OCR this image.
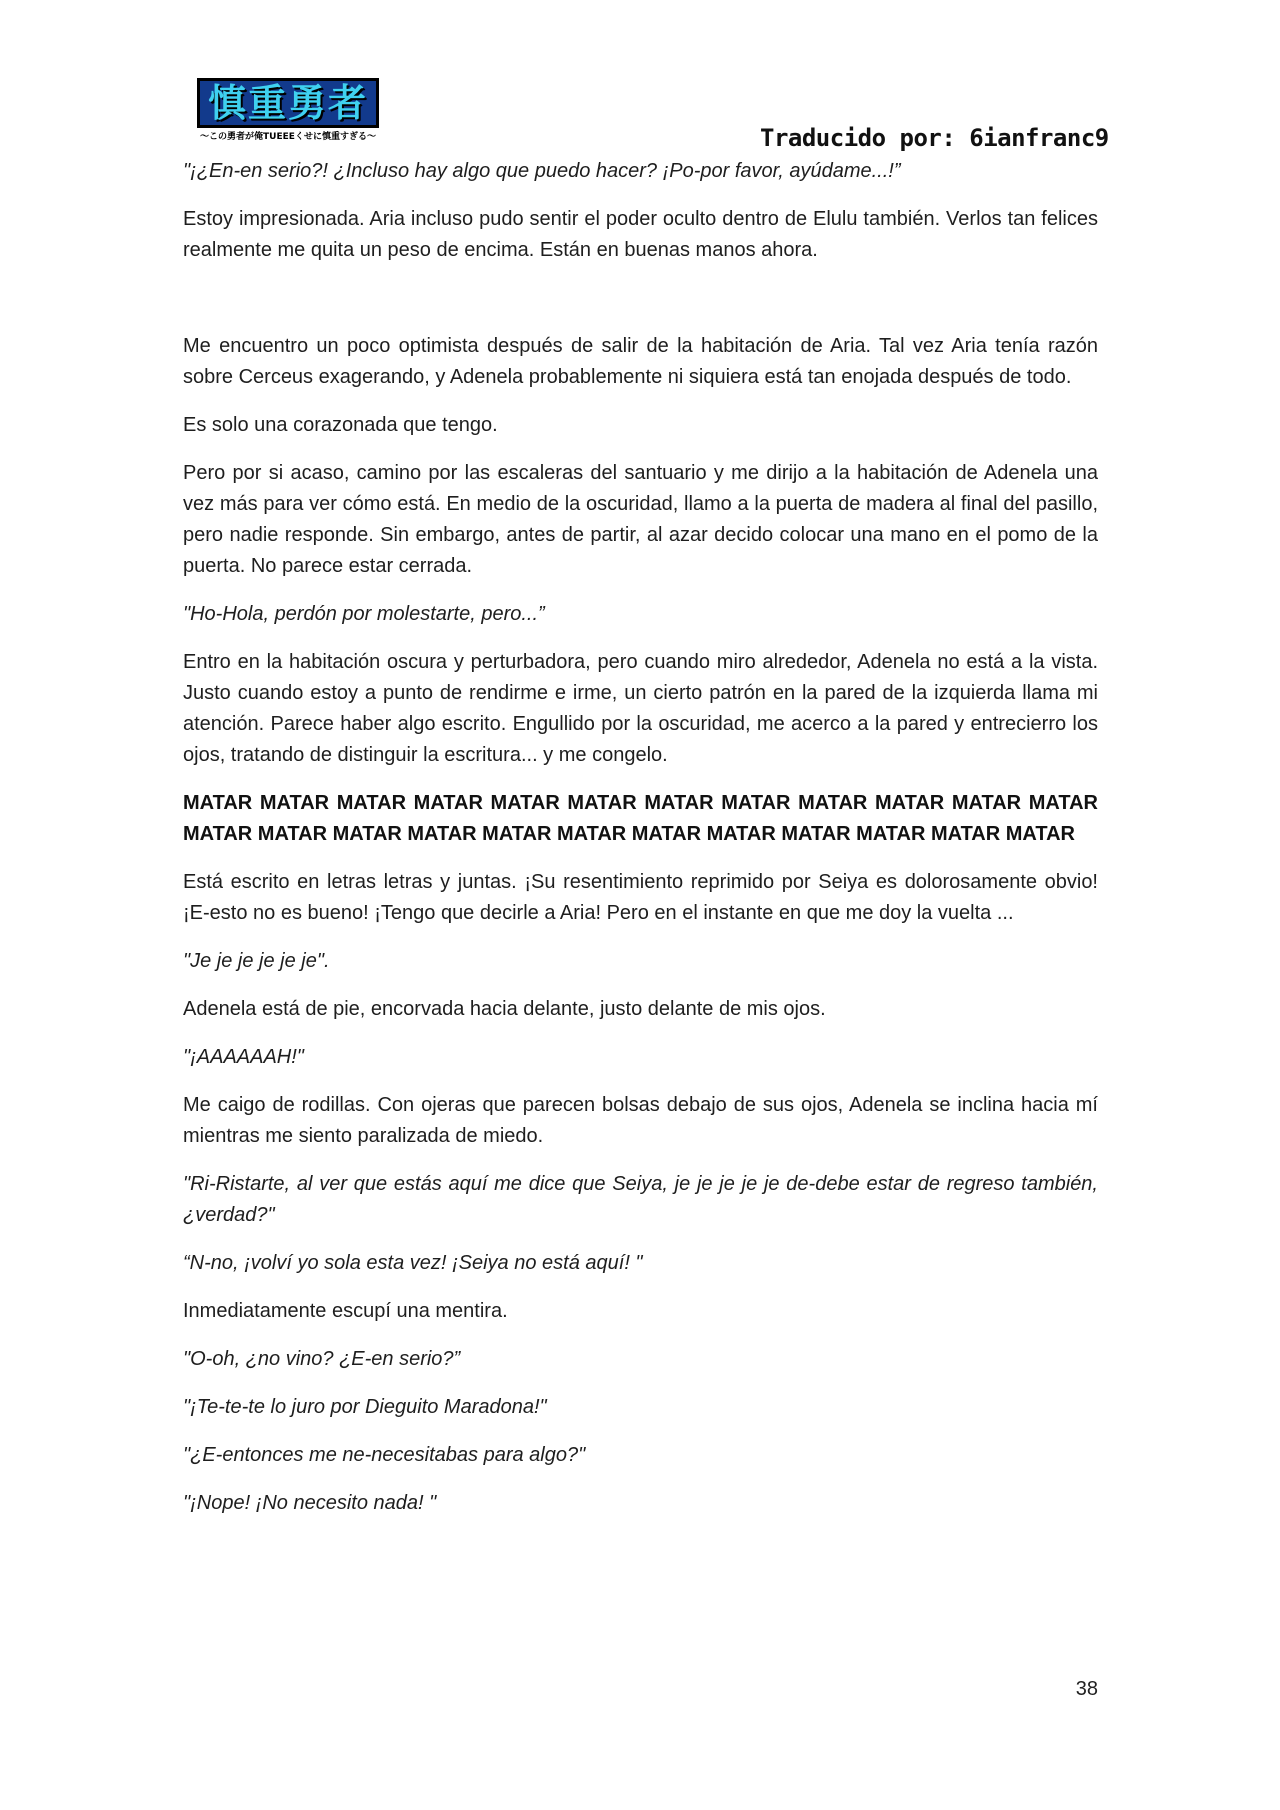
慎重勇者
〜この勇者が俺TUEEEくせに慎重すぎる〜	Traducido por: 6ianfranc9

"¡¿En-en serio?! ¿Incluso hay algo que puedo hacer? ¡Po-por favor, ayúdame...!”

Estoy impresionada. Aria incluso pudo sentir el poder oculto dentro de Elulu también. Verlos tan felices realmente me quita un peso de encima. Están en buenas manos ahora.

Me encuentro un poco optimista después de salir de la habitación de Aria. Tal vez Aria tenía razón sobre Cerceus exagerando, y Adenela probablemente ni siquiera está tan enojada después de todo.

Es solo una corazonada que tengo.

Pero por si acaso, camino por las escaleras del santuario y me dirijo a la habitación de Adenela una vez más para ver cómo está. En medio de la oscuridad, llamo a la puerta de madera al final del pasillo, pero nadie responde. Sin embargo, antes de partir, al azar decido colocar una mano en el pomo de la puerta. No parece estar cerrada.

"Ho-Hola, perdón por molestarte, pero...”

Entro en la habitación oscura y perturbadora, pero cuando miro alrededor, Adenela no está a la vista. Justo cuando estoy a punto de rendirme e irme, un cierto patrón en la pared de la izquierda llama mi atención. Parece haber algo escrito. Engullido por la oscuridad, me acerco a la pared y entrecierro los ojos, tratando de distinguir la escritura... y me congelo.

MATAR MATAR MATAR MATAR MATAR MATAR MATAR MATAR MATAR MATAR MATAR MATAR MATAR MATAR MATAR MATAR MATAR MATAR MATAR MATAR MATAR MATAR MATAR MATAR

Está escrito en letras letras y juntas. ¡Su resentimiento reprimido por Seiya es dolorosamente obvio! ¡E-esto no es bueno! ¡Tengo que decirle a Aria! Pero en el instante en que me doy la vuelta ...

"Je je je je je je".

Adenela está de pie, encorvada hacia delante, justo delante de mis ojos.

"¡AAAAAAH!"

Me caigo de rodillas. Con ojeras que parecen bolsas debajo de sus ojos, Adenela se inclina hacia mí mientras me siento paralizada de miedo.

"Ri-Ristarte, al ver que estás aquí me dice que Seiya, je je je je je de-debe estar de regreso también, ¿verdad?"

“N-no, ¡volví yo sola esta vez! ¡Seiya no está aquí! "

Inmediatamente escupí una mentira.

"O-oh, ¿no vino? ¿E-en serio?”

"¡Te-te-te lo juro por Dieguito Maradona!"

"¿E-entonces me ne-necesitabas para algo?"

"¡Nope! ¡No necesito nada! "

38
